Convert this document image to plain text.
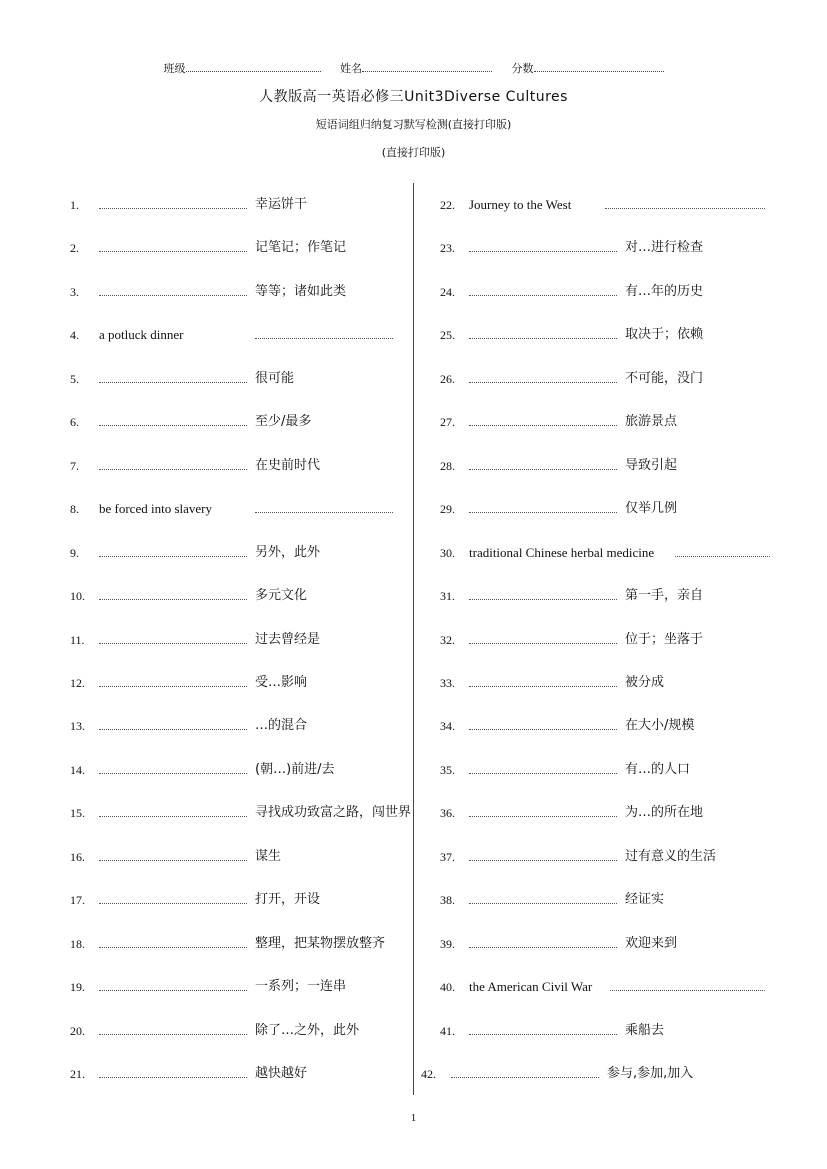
班级	姓名	分数
人教版高一英语必修三Unit3Diverse Cultures
短语词组归纳复习默写检测(直接打印版)
(直接打印版)
1.	幸运饼干
2.	记笔记；作笔记
3.	等等；诸如此类
4. a potluck dinner
5.	很可能
6.	至少/最多
7.	在史前时代
8. be forced into slavery
9.	另外，此外
10.	多元文化
11.	过去曾经是
12.	受…影响
13.	…的混合
14.	(朝…)前进/去
15.	寻找成功致富之路，闯世界
16.	谋生
17.	打开，开设
18.	整理，把某物摆放整齐
19.	一系列；一连串
20.	除了…之外，此外
21.	越快越好
22. Journey to the West
23.	对…进行检查
24.	有…年的历史
25.	取决于；依赖
26.	不可能，没门
27.	旅游景点
28.	导致引起
29.	仅举几例
30. traditional Chinese herbal medicine
31.	第一手，亲自
32.	位于；坐落于
33.	被分成
34.	在大小/规模
35.	有…的人口
36.	为…的所在地
37.	过有意义的生活
38.	经证实
39.	欢迎来到
40. the American Civil War
41.	乘船去
42.	参与,参加,加入
1
